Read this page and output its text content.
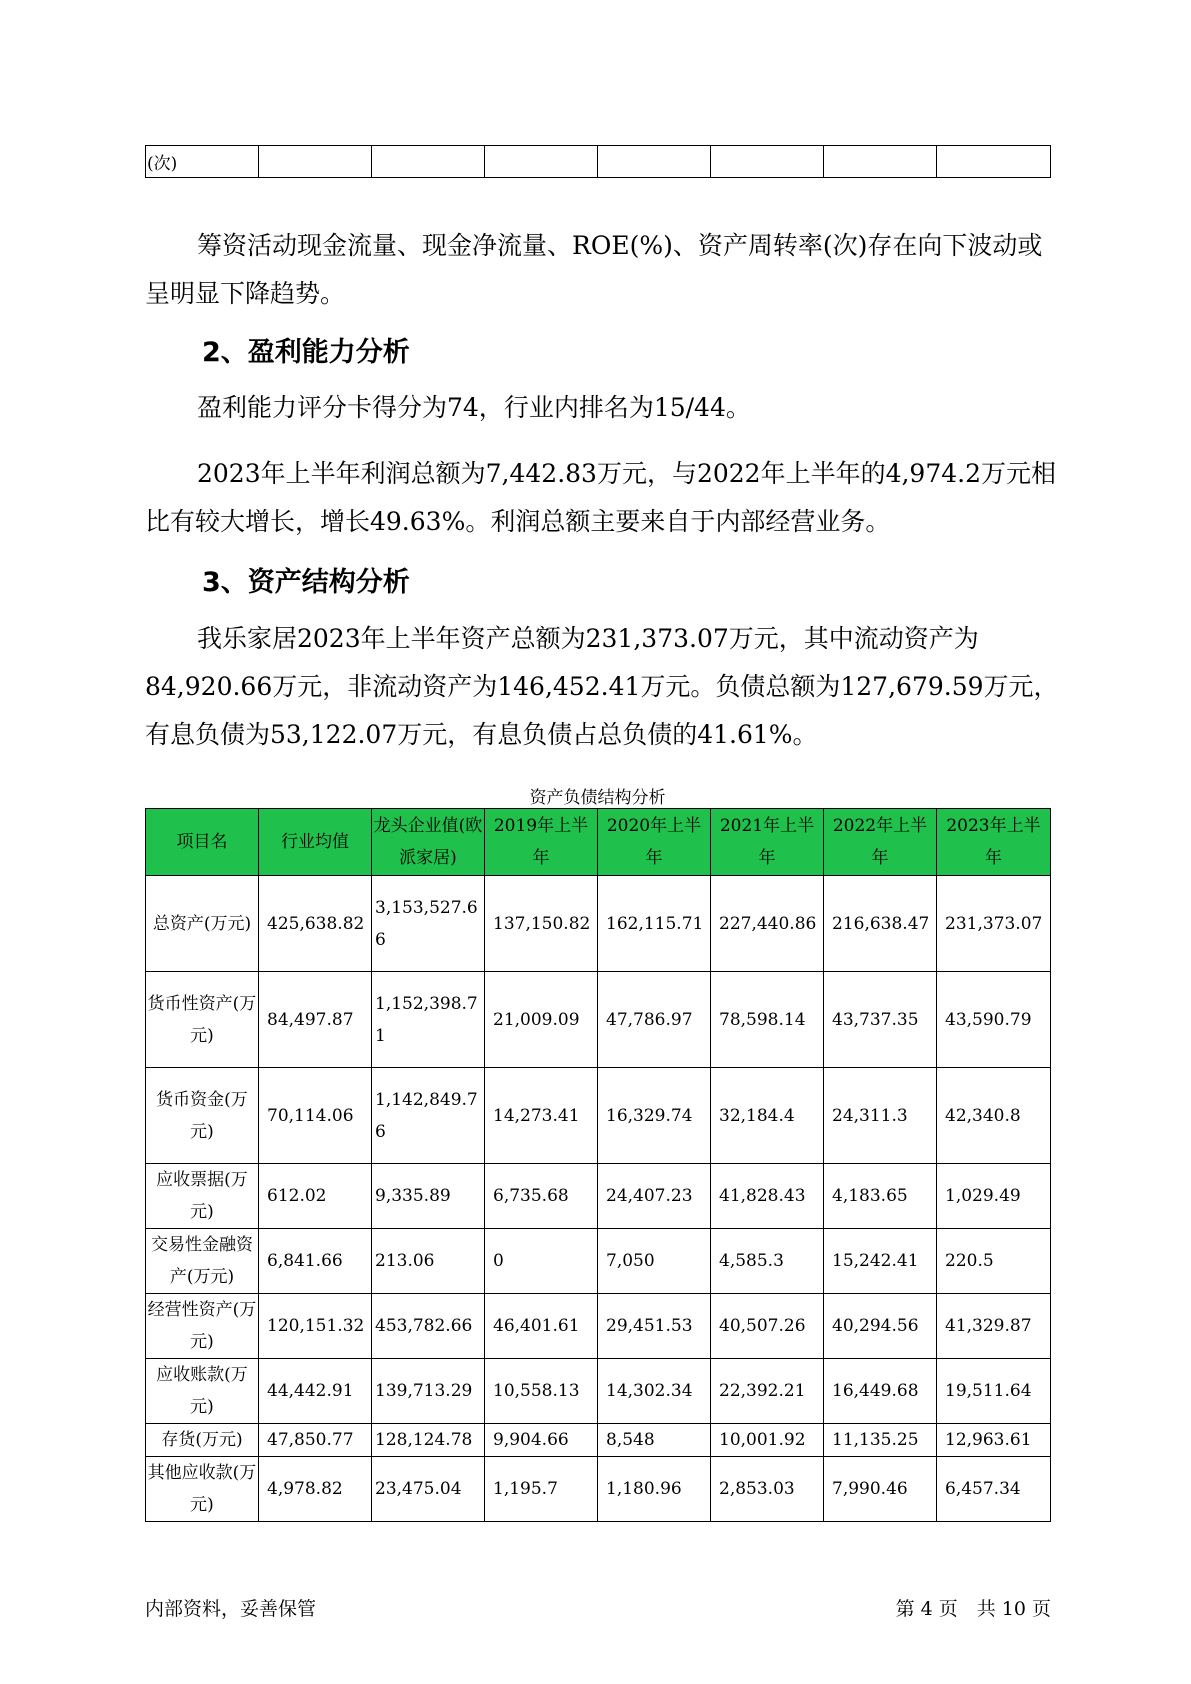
(次)							

筹资活动现金流量、现金净流量、ROE(%)、资产周转率(次)存在向下波动或呈明显下降趋势。

2、盈利能力分析

盈利能力评分卡得分为74，行业内排名为15/44。

2023年上半年利润总额为7,442.83万元，与2022年上半年的4,974.2万元相比有较大增长，增长49.63%。利润总额主要来自于内部经营业务。

3、资产结构分析

我乐家居2023年上半年资产总额为231,373.07万元，其中流动资产为84,920.66万元，非流动资产为146,452.41万元。负债总额为127,679.59万元，有息负债为53,122.07万元，有息负债占总负债的41.61%。

资产负债结构分析
项目名	行业均值	龙头企业值(欧派家居)	2019年上半年	2020年上半年	2021年上半年	2022年上半年	2023年上半年
总资产(万元)	425,638.82	3,153,527.66	137,150.82	162,115.71	227,440.86	216,638.47	231,373.07
货币性资产(万元)	84,497.87	1,152,398.71	21,009.09	47,786.97	78,598.14	43,737.35	43,590.79
货币资金(万元)	70,114.06	1,142,849.76	14,273.41	16,329.74	32,184.4	24,311.3	42,340.8
应收票据(万元)	612.02	9,335.89	6,735.68	24,407.23	41,828.43	4,183.65	1,029.49
交易性金融资产(万元)	6,841.66	213.06	0	7,050	4,585.3	15,242.41	220.5
经营性资产(万元)	120,151.32	453,782.66	46,401.61	29,451.53	40,507.26	40,294.56	41,329.87
应收账款(万元)	44,442.91	139,713.29	10,558.13	14,302.34	22,392.21	16,449.68	19,511.64
存货(万元)	47,850.77	128,124.78	9,904.66	8,548	10,001.92	11,135.25	12,963.61
其他应收款(万元)	4,978.82	23,475.04	1,195.7	1,180.96	2,853.03	7,990.46	6,457.34
内部资料，妥善保管	第 4 页　共 10 页
